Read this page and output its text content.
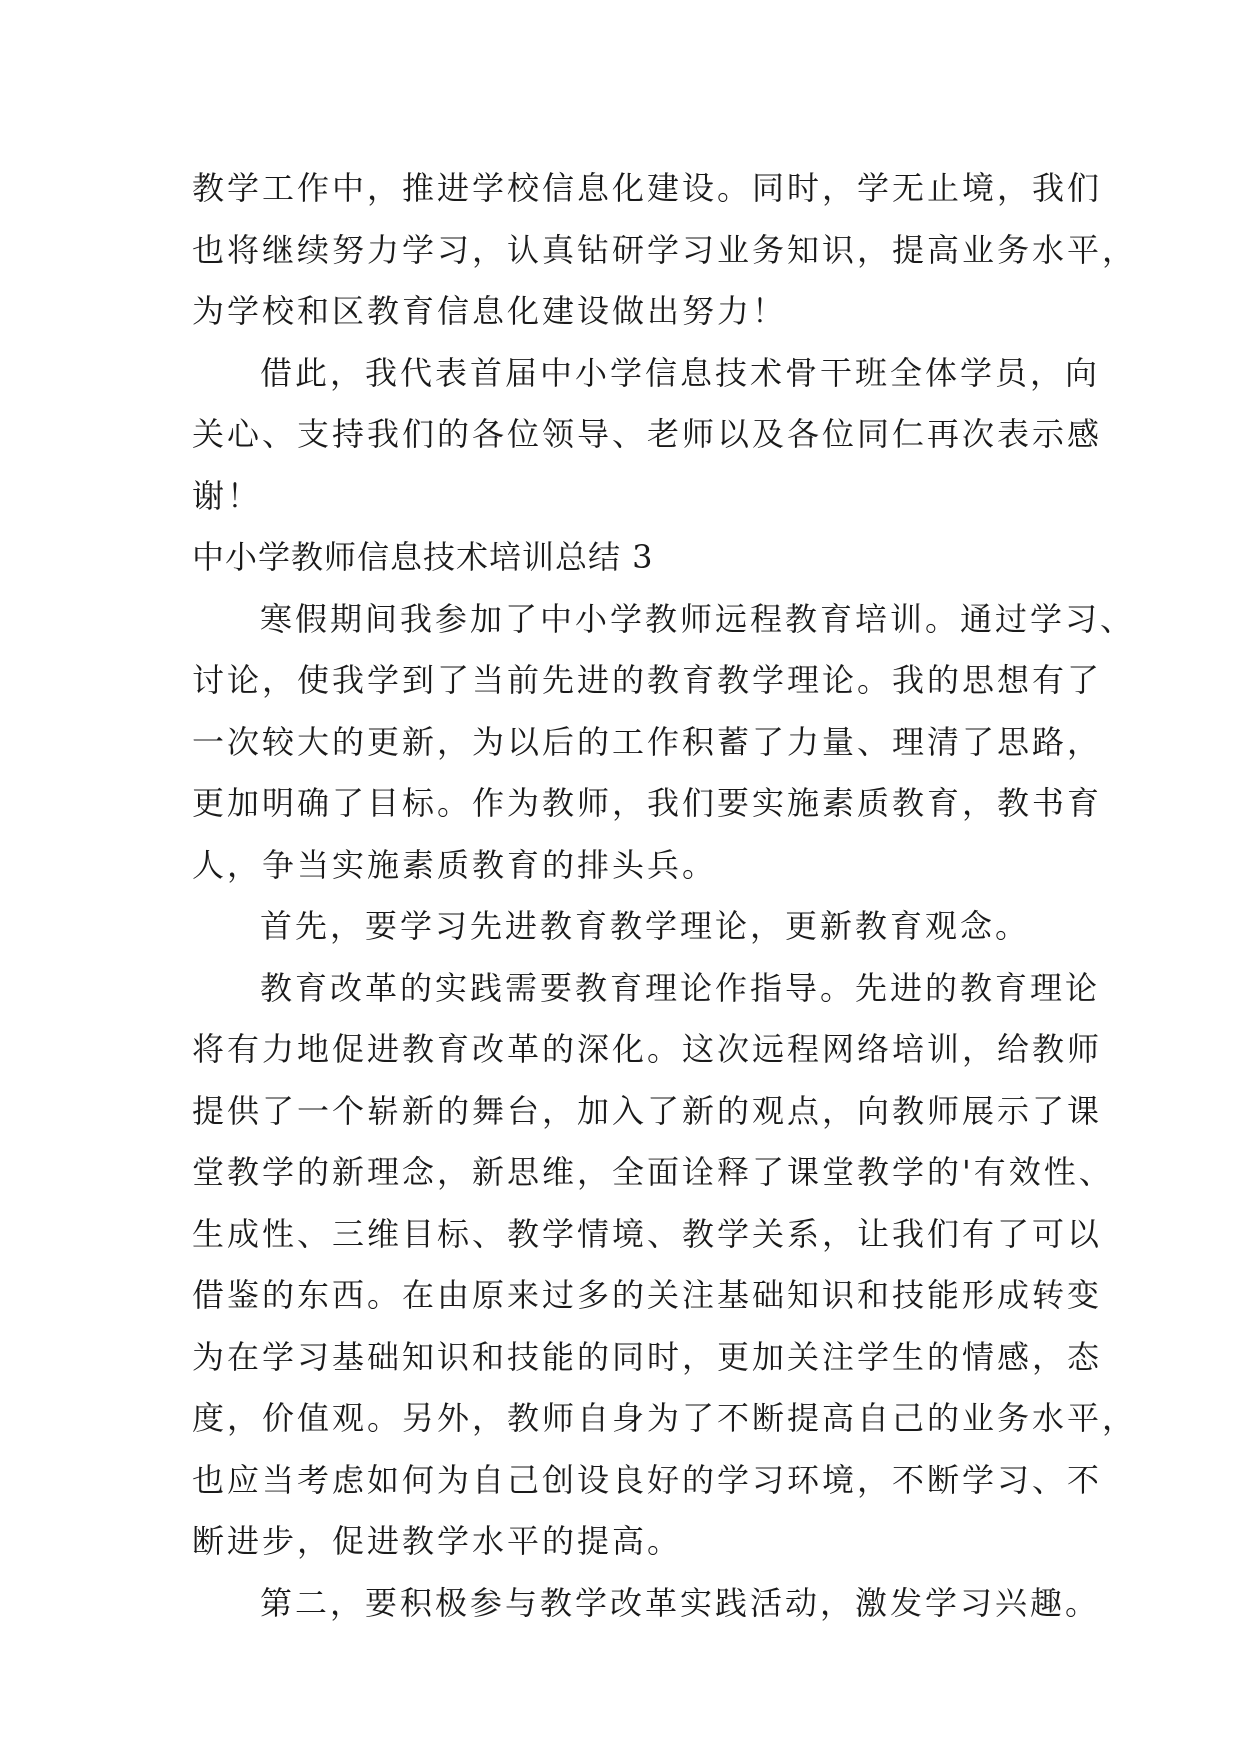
教学工作中，推进学校信息化建设。同时，学无止境，我们
也将继续努力学习，认真钻研学习业务知识，提高业务水平，
为学校和区教育信息化建设做出努力！
借此，我代表首届中小学信息技术骨干班全体学员，向
关心、支持我们的各位领导、老师以及各位同仁再次表示感
谢！
中小学教师信息技术培训总结 3
寒假期间我参加了中小学教师远程教育培训。通过学习、
讨论，使我学到了当前先进的教育教学理论。我的思想有了
一次较大的更新，为以后的工作积蓄了力量、理清了思路，
更加明确了目标。作为教师，我们要实施素质教育，教书育
人，争当实施素质教育的排头兵。
首先，要学习先进教育教学理论，更新教育观念。
教育改革的实践需要教育理论作指导。先进的教育理论
将有力地促进教育改革的深化。这次远程网络培训，给教师
提供了一个崭新的舞台，加入了新的观点，向教师展示了课
堂教学的新理念，新思维，全面诠释了课堂教学的'有效性、
生成性、三维目标、教学情境、教学关系，让我们有了可以
借鉴的东西。在由原来过多的关注基础知识和技能形成转变
为在学习基础知识和技能的同时，更加关注学生的情感，态
度，价值观。另外，教师自身为了不断提高自己的业务水平，
也应当考虑如何为自己创设良好的学习环境，不断学习、不
断进步，促进教学水平的提高。
第二，要积极参与教学改革实践活动，激发学习兴趣。
